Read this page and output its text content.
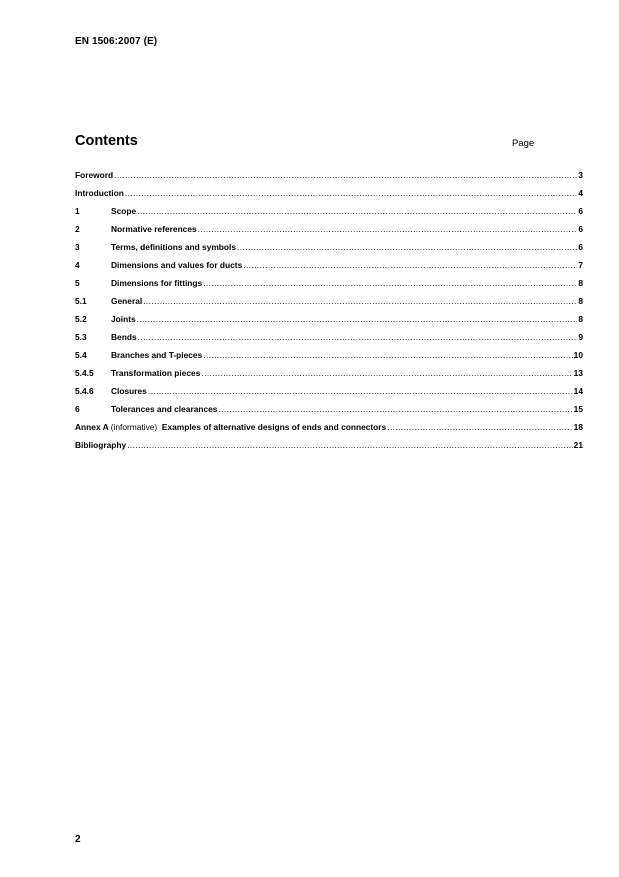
EN 1506:2007 (E)
Contents	Page
Foreword .....	3
Introduction .....	4
1	Scope .....	6
2	Normative references .....	6
3	Terms, definitions and symbols .....	6
4	Dimensions and values for ducts .....	7
5	Dimensions for fittings .....	8
5.1	General .....	8
5.2	Joints .....	8
5.3	Bends .....	9
5.4	Branches and T-pieces .....	10
5.4.5	Transformation pieces .....	13
5.4.6	Closures .....	14
6	Tolerances and clearances .....	15
Annex A (informative) Examples of alternative designs of ends and connectors .....	18
Bibliography .....	21
2
